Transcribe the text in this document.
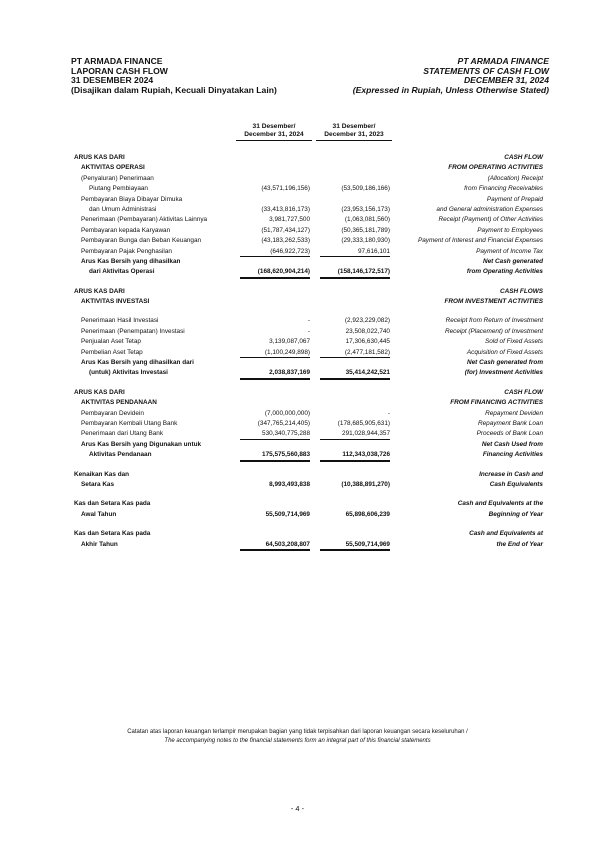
PT ARMADA FINANCE
LAPORAN CASH FLOW
31 DESEMBER 2024
(Disajikan dalam Rupiah, Kecuali Dinyatakan Lain)
PT ARMADA FINANCE
STATEMENTS OF CASH FLOW
DECEMBER 31, 2024
(Expressed in Rupiah, Unless Otherwise Stated)
31 Desember/
December 31, 2024
31 Desember/
December 31, 2023
ARUS KAS DARI	CASH FLOW
AKTIVITAS OPERASI	FROM OPERATING ACTIVITIES
(Penyaluran) Penerimaan	(Allocation) Receipt
Piutang Pembiayaan	(43,571,196,156)	(53,509,186,166)	from Financing Receivables
Pembayaran Biaya Dibayar Dimuka	Payment of Prepaid
dan Umum Administrasi	(33,413,816,173)	(23,953,156,173)	and General administration Expenses
Penerimaan (Pembayaran) Aktivitas Lainnya	3,981,727,500	(1,063,081,560)	Receipt (Payment) of Other Activities
Pembayaran kepada Karyawan	(51,787,434,127)	(50,365,181,789)	Payment to Employees
Pembayaran Bunga dan Beban Keuangan	(43,183,262,533)	(29,333,180,930)	Payment of Interest and Financial Expenses
Pembayaran Pajak Penghasilan	(646,922,723)	97,616,101	Payment of Income Tax
Arus Kas Bersih yang dihasilkan	Net Cash generated
dari Aktivitas Operasi	(168,620,904,214)	(158,146,172,517)	from Operating Activities
ARUS KAS DARI	CASH FLOWS
AKTIVITAS INVESTASI	FROM INVESTMENT ACTIVITIES
Penerimaan Hasil Investasi	-	(2,923,229,082)	Receipt from Return of Investment
Penerimaan (Penempatan) Investasi	-	23,508,022,740	Receipt (Placement) of Investment
Penjualan Aset Tetap	3,139,087,067	17,306,630,445	Sold of Fixed Assets
Pembelian Aset Tetap	(1,100,249,898)	(2,477,181,582)	Acquisition of Fixed Assets
Arus Kas Bersih yang dihasilkan dari	Net Cash generated from
(untuk) Aktivitas Investasi	2,038,837,169	35,414,242,521	(for) Investment Activities
ARUS KAS DARI	CASH FLOW
AKTIVITAS PENDANAAN	FROM FINANCING ACTIVITIES
Pembayaran Devidein	(7,000,000,000)	-	Repayment Deviden
Pembayaran Kembali Utang Bank	(347,765,214,405)	(178,685,905,631)	Repayment Bank Loan
Penerimaan dari Utang Bank	530,340,775,288	291,028,944,357	Proceeds of Bank Loan
Arus Kas Bersih yang Digunakan untuk	Net Cash Used from
Aktivitas Pendanaan	175,575,560,883	112,343,038,726	Financing Activities
Kenaikan Kas dan	Increase in Cash and
Setara Kas	8,993,493,838	(10,388,891,270)	Cash Equivalents
Kas dan Setara Kas pada	Cash and Equivalents at the
Awal Tahun	55,509,714,969	65,898,606,239	Beginning of Year
Kas dan Setara Kas pada	Cash and Equivalents at
Akhir Tahun	64,503,208,807	55,509,714,969	the End of Year
Catatan atas laporan keuangan terlampir merupakan bagian yang tidak terpisahkan dari laporan keuangan secara keseluruhan /
The accompanying notes to the financial statements form an integral part of this financial statements
- 4 -
